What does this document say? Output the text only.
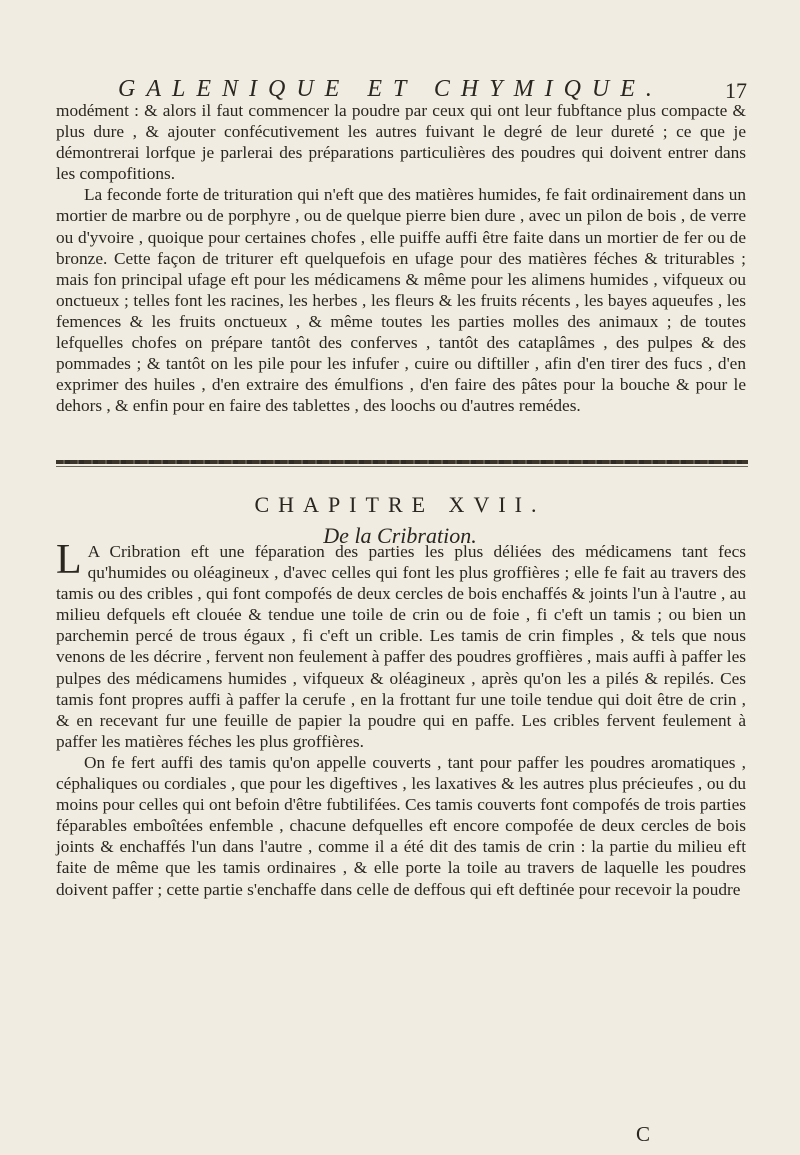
GALENIQUE ET CHYMIQUE.	17

modément : & alors il faut commencer la poudre par ceux qui ont leur fubftance plus compacte & plus dure , & ajouter confécutivement les autres fuivant le degré de leur dureté ; ce que je démontrerai lorfque je parlerai des préparations particulières des poudres qui doivent entrer dans les compofitions.

La feconde forte de trituration qui n'eft que des matières humides, fe fait ordinairement dans un mortier de marbre ou de porphyre , ou de quelque pierre bien dure , avec un pilon de bois , de verre ou d'yvoire , quoique pour certaines chofes , elle puiffe auffi être faite dans un mortier de fer ou de bronze. Cette façon de triturer eft quelquefois en ufage pour des matières féches & triturables ; mais fon principal ufage eft pour les médicamens & même pour les alimens humides , vifqueux ou onctueux ; telles font les racines, les herbes , les fleurs & les fruits récents , les bayes aqueufes , les femences & les fruits onctueux , & même toutes les parties molles des animaux ; de toutes lefquelles chofes on prépare tantôt des conferves , tantôt des cataplâmes , des pulpes & des pommades ; & tantôt on les pile pour les infufer , cuire ou diftiller , afin d'en tirer des fucs , d'en exprimer des huiles , d'en extraire des émulfions , d'en faire des pâtes pour la bouche & pour le dehors , & enfin pour en faire des tablettes , des loochs ou d'autres remédes.

CHAPITRE XVII.
De la Cribration.

L A Cribration eft une féparation des parties les plus déliées des médicamens tant fecs qu'humides ou oléagineux , d'avec celles qui font les plus groffières ; elle fe fait au travers des tamis ou des cribles , qui font compofés de deux cercles de bois enchaffés & joints l'un à l'autre , au milieu defquels eft clouée & tendue une toile de crin ou de foie , fi c'eft un tamis ; ou bien un parchemin percé de trous égaux , fi c'eft un crible. Les tamis de crin fimples , & tels que nous venons de les décrire , fervent non feulement à paffer des poudres groffières , mais auffi à paffer les pulpes des médicamens humides , vifqueux & oléagineux , après qu'on les a pilés & repilés. Ces tamis font propres auffi à paffer la cerufe , en la frottant fur une toile tendue qui doit être de crin , & en recevant fur une feuille de papier la poudre qui en paffe. Les cribles fervent feulement à paffer les matières féches les plus groffières.

On fe fert auffi des tamis qu'on appelle couverts , tant pour paffer les poudres aromatiques , céphaliques ou cordiales , que pour les digeftives , les laxatives & les autres plus précieufes , ou du moins pour celles qui ont befoin d'être fubtilifées. Ces tamis couverts font compofés de trois parties féparables emboîtées enfemble , chacune defquelles eft encore compofée de deux cercles de bois joints & enchaffés l'un dans l'autre , comme il a été dit des tamis de crin : la partie du milieu eft faite de même que les tamis ordinaires , & elle porte la toile au travers de laquelle les poudres doivent paffer ; cette partie s'enchaffe dans celle de deffous qui eft deftinée pour recevoir la poudre

C
